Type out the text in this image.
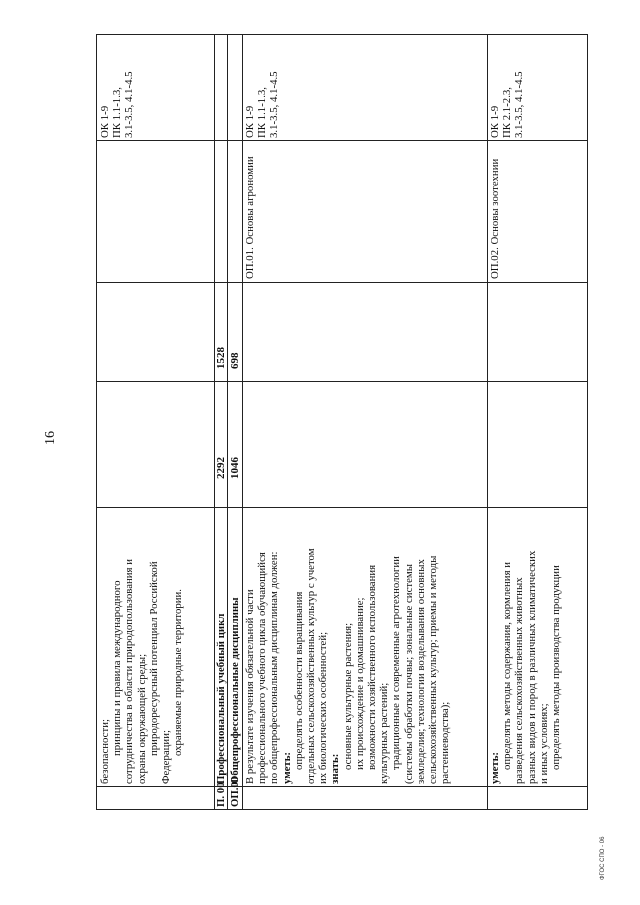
16

безопасности; принципы и правила международного сотрудничества в области природопользования и охраны окружающей среды; природоресурсный потенциал Российской

Федерации;

охраняемые природные территории.

ОК 1-9 ПК 1.1-1.3, 3.1-3.5, 4.1-4.5

П. 00
Профессиональный учебный цикл
2292
1528
ОП.00
Общепрофессиональные дисциплины
1046
698

В результате изучения обязательной части профессионального учебного цикла обучающийся по общепрофессиональным дисциплинам должен: уметь: определять особенности выращивания отдельных сельскохозяйственных культур с учетом их биологических особенностей; знать: основные культурные растения; их происхождение и одомашнивание; возможности хозяйственного использования культурных растений; традиционные и современные агротехнологии (системы обработки почвы; зональные системы земледелия; технологии возделывания основных сельскохозяйственных культур; приемы и методы растениеводства);

ОП.01. Основы агрономии

ОК 1-9 ПК 1.1-1.3, 3.1-3.5, 4.1-4.5

уметь: определять методы содержания, кормления и разведения сельскохозяйственных животных разных видов и пород в различных климатических и иных условиях; определять методы производства продукции

ОП.02. Основы зоотехнии

ОК 1-9 ПК 2.1-2.3, 3.1-3.5, 4.1-4.5

ФГОС СПО - 06
